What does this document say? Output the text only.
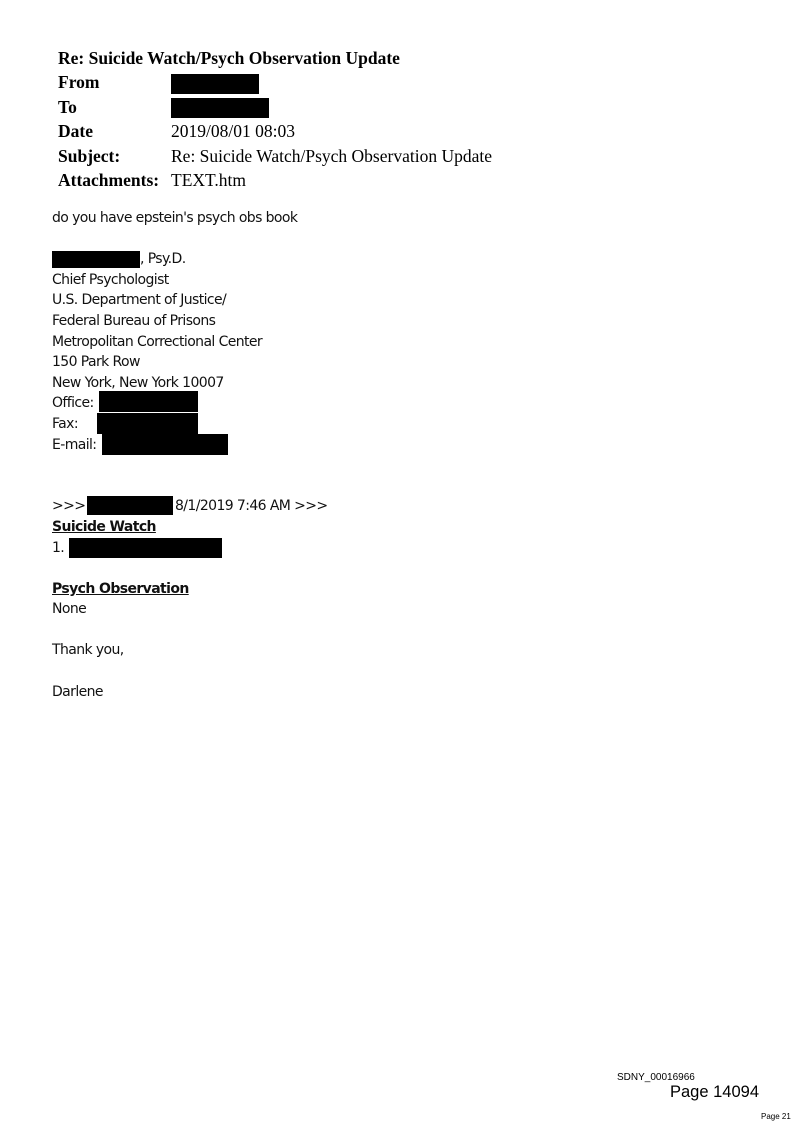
Re: Suicide Watch/Psych Observation Update
From
To
Date	2019/08/01 08:03
Subject:	Re: Suicide Watch/Psych Observation Update
Attachments: TEXT.htm
do you have epstein's psych obs book
, Psy.D.
Chief Psychologist
U.S. Department of Justice/
Federal Bureau of Prisons
Metropolitan Correctional Center
150 Park Row
New York, New York 10007
Office:
Fax:
E-mail:
>>>	8/1/2019 7:46 AM >>>
Suicide Watch
1.
Psych Observation
None
Thank you,
Darlene
SDNY_00016966
Page 14094
Page 21
